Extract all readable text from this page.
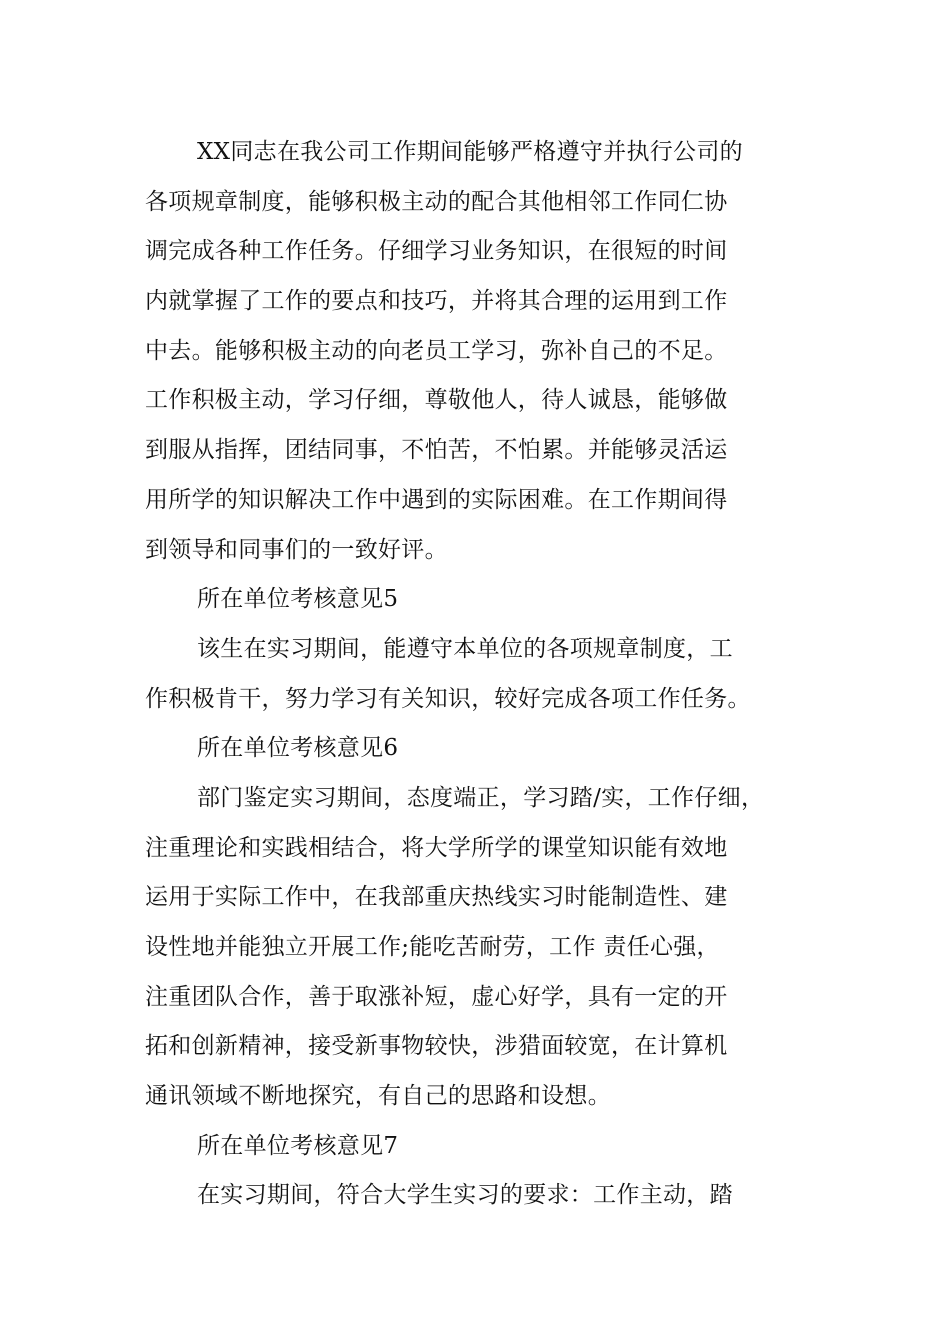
XX同志在我公司工作期间能够严格遵守并执行公司的
各项规章制度，能够积极主动的配合其他相邻工作同仁协
调完成各种工作任务。仔细学习业务知识，在很短的时间
内就掌握了工作的要点和技巧，并将其合理的运用到工作
中去。能够积极主动的向老员工学习，弥补自己的不足。
工作积极主动，学习仔细，尊敬他人，待人诚恳，能够做
到服从指挥，团结同事，不怕苦，不怕累。并能够灵活运
用所学的知识解决工作中遇到的实际困难。在工作期间得
到领导和同事们的一致好评。

所在单位考核意见5

该生在实习期间，能遵守本单位的各项规章制度，工
作积极肯干，努力学习有关知识，较好完成各项工作任务。

所在单位考核意见6

部门鉴定实习期间，态度端正，学习踏/实，工作仔细，
注重理论和实践相结合，将大学所学的课堂知识能有效地
运用于实际工作中，在我部重庆热线实习时能制造性、建
设性地并能独立开展工作;能吃苦耐劳，工作 责任心强，
注重团队合作，善于取涨补短，虚心好学，具有一定的开
拓和创新精神，接受新事物较快，涉猎面较宽，在计算机
通讯领域不断地探究，有自己的思路和设想。

所在单位考核意见7

在实习期间，符合大学生实习的要求：工作主动，踏
